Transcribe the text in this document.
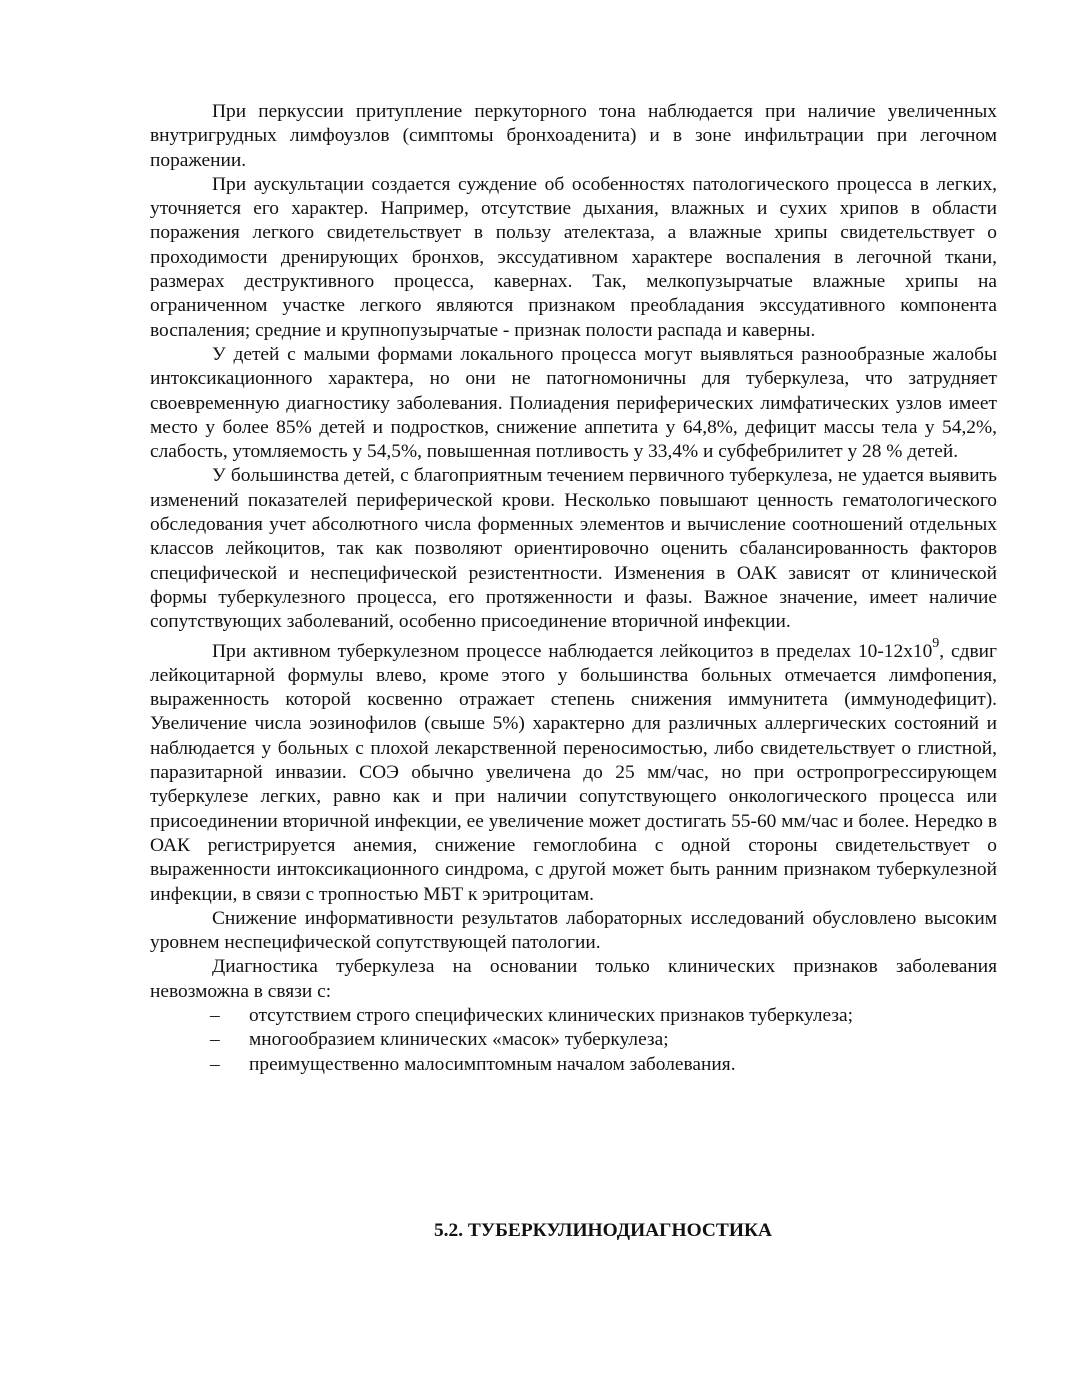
При перкуссии притупление перкуторного тона наблюдается при наличие увеличенных внутригрудных лимфоузлов (симптомы бронхоаденита) и в зоне инфильтрации при легочном поражении.

При аускультации создается суждение об особенностях патологического процесса в легких, уточняется его характер. Например, отсутствие дыхания, влажных и сухих хрипов в области поражения легкого свидетельствует в пользу ателектаза, а влажные хрипы свидетельствует о проходимости дренирующих бронхов, экссудативном характере воспаления в легочной ткани, размерах деструктивного процесса, кавернах. Так, мелкопузырчатые влажные хрипы на ограниченном участке легкого являются признаком преобладания экссудативного компонента воспаления; средние и крупнопузырчатые - признак полости распада и каверны.

У детей с малыми формами локального процесса могут выявляться разнообразные жалобы интоксикационного характера, но они не патогномоничны для туберкулеза, что затрудняет своевременную диагностику заболевания. Полиадения периферических лимфатических узлов имеет место у более 85% детей и подростков, снижение аппетита у 64,8%, дефицит массы тела у 54,2%, слабость, утомляемость у 54,5%, повышенная потливость у 33,4% и субфебрилитет у 28 % детей.

У большинства детей, с благоприятным течением первичного туберкулеза, не удается выявить изменений показателей периферической крови. Несколько повышают ценность гематологического обследования учет абсолютного числа форменных элементов и вычисление соотношений отдельных классов лейкоцитов, так как позволяют ориентировочно оценить сбалансированность факторов специфической и неспецифической резистентности. Изменения в ОАК зависят от клинической формы туберкулезного процесса, его протяженности и фазы. Важное значение, имеет наличие сопутствующих заболеваний, особенно присоединение вторичной инфекции.

При активном туберкулезном процессе наблюдается лейкоцитоз в пределах $10-12х10^9$, сдвиг лейкоцитарной формулы влево, кроме этого у большинства больных отмечается лимфопения, выраженность которой косвенно отражает степень снижения иммунитета (иммунодефицит). Увеличение числа эозинофилов (свыше 5%) характерно для различных аллергических состояний и наблюдается у больных с плохой лекарственной переносимостью, либо свидетельствует о глистной, паразитарной инвазии. СОЭ обычно увеличена до 25 мм/час, но при остропрогрессирующем туберкулезе легких, равно как и при наличии сопутствующего онкологического процесса или присоединении вторичной инфекции, ее увеличение может достигать 55-60 мм/час и более. Нередко в ОАК регистрируется анемия, снижение гемоглобина с одной стороны свидетельствует о выраженности интоксикационного синдрома, с другой может быть ранним признаком туберкулезной инфекции, в связи с тропностью МБТ к эритроцитам.

Снижение информативности результатов лабораторных исследований обусловлено высоким уровнем неспецифической сопутствующей патологии.

Диагностика туберкулеза на основании только клинических признаков заболевания невозможна в связи с:

– отсутствием строго специфических клинических признаков туберкулеза;
– многообразием клинических «масок» туберкулеза;
– преимущественно малосимптомным началом заболевания.
5.2. ТУБЕРКУЛИНОДИАГНОСТИКА
